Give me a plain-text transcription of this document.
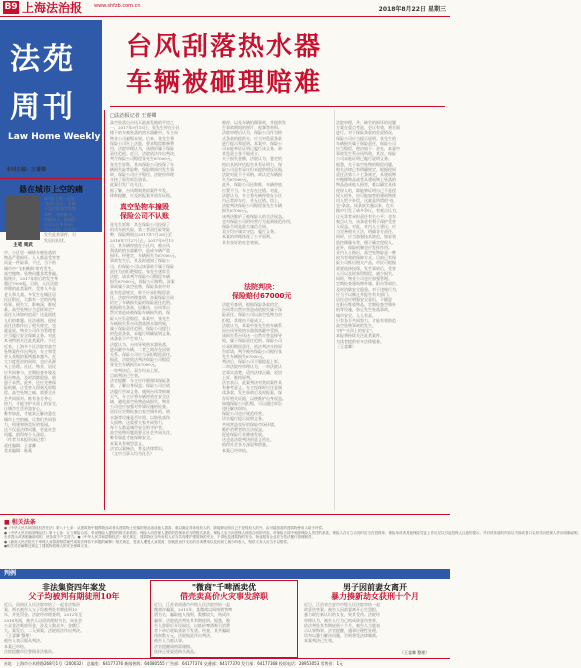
B9 上海法治报 www.shfzb.com.cn	2018年8月22日 星期三
法苑
周刊
Law Home Weekly
本刊主编：王睿卿
台风刮落热水器
车辆被砸理赔难
悬在城市上空的痛
主笔 周武
8月初上海，台风
"安比"过后，全城
多处出现高空坠物
事件，有的砸车，
有的伤人。据统计
8月12日本市90
多个小区、社区中
发生此类事件，引
发居民担忧。
中。小区里一辆轿车被坠落的
物品严重损坏。人人都是受害者
而是一件险事。不过，当下的
城市中"飞来横祸"常有发生。
高空抛物、坠物问题非常普遍。
据统计，2017年前后的发生率
超过7000起。目前，人民法院
审理的此类案件，受害人多是
老人和儿童。多发生在城区居
民区附近，大都有一定的伤残
结果。损失大，影响深，维权
难。高空坠物应当怎样界定？
责任人该如何追责？这是困扰
人们的难题。民法通则、侵权
责任法都作出了相关规定，也
就是说，物业公司作为管理者
应当履行安全保障义务。对此
本刊特别关注此类案件。不过
近来，上海多个区法院对高空
坠物案件作出判决，车主和受
害人获赔的案例越来越多。在
大力度惩治的同时，也应从源
头上治理。社区、物业、居民
应共同参与，定期检查外墙及
阳台物品，及时消除隐患，防
患于未然。此外，还应完善保
险机制，让受害人得到及时赔
偿。高空坠物之痛，需要全社
会共同面对。惟有各方齐心
协力，才能守护头顶上的安全，
让城市生活更加安心。
唯有如此，才能真正解决悬在
城市上空的痛，让我们共同努
力，构建和谐美好的家园。
这不仅是法律问题，更是社会
问题，值得每个人深思。
（作者为本报资深记者）
责任编辑：王睿卿
美术编辑：陈燕
□法治报记者 王睿卿
高空坠落自台风天最高发地的平房之
一，2017年9月15日，张先生停在小区
楼下的车被坠落的热水器砸中。车主向
物业公司索赔未果。后来，张先生将
保险公司告上法庭，要求赔偿维修费
用。法院审理认为，该情形属于保险
责任范围。近日，法院依法作出判决，
判令保险公司赔偿张先生67000元。
张先生诉称，其向保险公司投保了车
辆损失险等险种，保险期间内发生事
故，保险公司应予赔付。法院经审理
支持了原告诉讼请求。
此案引发广泛关注。
据了解，台风期间类似案件多发。
律师提醒，应及时报案并留存证据。
真空坠物车撞毁
保险公司不认账
张先生诉称：其在保险公司投保了
机动车损失险、第三者责任险等险
种，保险期间自2017年7月28日至
2018年7月27日止。2017年9月15
日，其车辆停放在小区内，被台风
刮落的热水器砸中，造成车辆严重
损坏。经鉴定，车辆损失为67000元。
事故发生后，其及时通知了保险公
司，但保险公司以该事故不属于保险
责任为由拒绝赔偿。张先生遂诉至
法院，请求判令保险公司赔偿车辆
损失67000元。保险公司辩称，涉案
事故属于高空坠物，保险条款中对
此有免责规定，故不应承担赔偿责
任。法院经审理查明，涉案保险合同
约定了车辆损失险的保险责任范围。
根据相关条款，因暴风、台风等自
然灾害造成被保险车辆损失的，保
险人应负责赔偿。本案中，张先生
车辆损失系台风刮落热水器所致，
属于保险责任范围。保险公司援引
的免责条款，未履行明确说明义务，
该条款不产生效力。
法院认为，台风导致热水器坠落，
进而砸中车辆，二者之间存在因果
关系。保险公司应当承担赔偿责任。
据此，法院依法判决保险公司赔偿
张先生车辆损失67000元。
一审判决后，双方均未上诉。
目前判决已生效。
法官提醒：车主应仔细阅读保险条
款，了解自身权益；保险公司应依
法履行告知义务。遇到台风等极端
天气，车主应将车辆停放在安全区
域，避免高空坠物造成损失。物业
公司也应加强对外墙设施的检查。
居民应定期检查自家空调外机、热
水器等设施是否牢固，以防坠落伤
人损物。这需要大家共同努力。
每个人都是城市安全的守护者。
高空坠物问题需要全社会共同关注。
唯有如此才能保障安全。
本案具有典型意义。
法官以案释法，普及法律常识。
（文中当事人均为化名）
被停，以及车辆拍摄事故，并提供发
生事故期间的照片、视频等材料。
法院审理后认为，保险公司作为格
式条款的提供方，应当对免责条款
进行提示和说明。本案中，保险公
司未能举证证明已履行该义务，故
其免责主张不能成立。
关于损失金额，法院认为，鉴定机
构出具的评估报告具有证明力，保
险公司虽有异议但未提供相反证据，
法院对此不予采纳。故认定车辆损
失为67000元。
此外，保险公司还辩称，车辆停放
位置不当，车主存在过错。对此，
法院认为，车主将车辆停放在小区
内正常停车位，并无过错。综上，
法院判决保险公司赔偿张先生车辆
损失67000元。
该判决维护了被保险人的合法权益。
也对保险公司的经营行为起到规范作用。
保险合同是最大诚信合同。
双方均应诚实守信，履行义务。
本案的审理体现了公平原则。
具有良好的社会效果。
法院判决：
保险赔付67000元
法院另查明，根据保险条款约定，
台风等自然灾害造成的损失属于保
险责任。保险公司以高空坠物为由
拒赔，其理由不能成立。
法院认为，本案中张先生的车辆系
因台风导致热水器刮落砸中受损，
该损失系台风这一自然灾害直接导
致，属于保险责任范围。保险公司
应承担赔偿责任，依法判决支持原
告诉请，判令被告保险公司赔付张
先生车辆损失67000元。
判决后，保险公司不服提起上诉。
二审法院经审理认为，一审法院认
定事实清楚，适用法律正确，驳回
上诉，维持原判。
法官表示，此案判决对类似案件具
有参考意义。车主投保时应注意阅
读条款，发生事故后及时报案，保
存好相关证据，以便维护自身权益。
如遇保险公司拒赔，可以通过诉讼
途径解决纠纷。
保险公司也应规范经营。
切实履行提示说明义务。
共同营造良好的保险市场环境。
维护消费者的合法权益。
促进保险行业健康发展。
这也是法院判决的意义所在。
值得社会各方深思和借鉴。
本案已经审结。
法院审理，并，缺失的损坏的问题
方案在重点考虑，会议有效，将方面
进行。对于保险条款的免责情况，
保险公司应当提示说明。张先生的
车辆损失属于保险责任，保险公司
应当赔偿，理由如下：首先，本案中
事故发生系台风所致。其次，保险
公司未能证明已履行说明义务。
据悉，关于高空坠物的赔偿问题，
相关法律已有明确规定。根据侵权
责任法第八十七条规定，从建筑物
中抛掷物品或者从建筑物上坠落的
物品造成他人损害，难以确定具体
侵权人的，除能够证明自己不是侵
权人的外，由可能加害的建筑物使
用人给予补偿。这就是所谓的"连
坐"条款。该条款实施以来，在实
践中引发了诸多争议。有观点认为，
让无辜者承担责任有失公平；也有
观点认为，该条款有利于保护受害
人权益。对此，业内人士建议，应
当完善相关立法，明确各方责任。
同时，应当加强技术防范，如安装
监控摄像头等，便于确定侵权人。
此外，保险机制也应发挥作用。
业内人士指出，高空坠物险是一种
较为有效的保障方式。目前已有保
险公司推出相关产品，市民可根据
需要选择投保。发生事故后，受害
人可以及时获得赔偿，减少损失。
同时，物业公司也应加强管理。
定期检查建筑物外墙、阳台等部位，
及时消除安全隐患。对于违规行为，
应当予以制止并报告有关部门。
居民也应增强安全意识，不随意
在阳台堆放物品，定期检查空调外
机等设施，防止发生坠落事故。
城市安全，人人有责。
只有各方共同努力，才能有效防范
高空坠物事故的发生。
守护"头顶上的安全"。
本报将持续关注此类案件。
为读者提供更多法律服务。
（王睿卿）
■ 相关法条
●《中华人民共和国侵权责任法》第八十七条：从建筑物中抛掷物品或者从建筑物上坠落的物品造成他人损害，难以确定具体侵权人的，除能够证明自己不是侵权人的外，由可能加害的建筑物使用人给予补偿。
●《中华人民共和国保险法》第十七条：订立保险合同，采用保险人提供的格式条款的，保险人向投保人提供的投保单应当附格式条款，保险人应当向投保人说明合同的内容。对保险合同中免除保险人责任的条款，保险人在订立合同时应当在投保单、保险单或者其他保险凭证上作出足以引起投保人注意的提示，并对该条款的内容以书面或者口头形式向投保人作出明确说明；
未作提示或者明确说明的，该条款不产生效力。●《中华人民共和国物权法》相关规定：建筑物区分所有权人应当共同维护建筑物的安全，不得危及建筑物的安全。物业服务企业应当依法履行管理职责。
●《最高人民法院关于审理人身损害赔偿案件适用法律若干问题的解释》相关规定，受害人遭受人身损害，因就医治疗支出的各项费用以及因误工减少的收入，赔偿义务人应当予以赔偿。
●相关司法解释还规定了建筑物管理人的安全保障义务。
判例
非法集资四年案发
父子均被判有期徒刑10年
近日，闵南区人民法院审结了一起非法集资
案，两名被告人父子均被判处有期徒刑10
年，并处罚金。法院经审理查明，2012年至
2016年间，被告人以投资理财为名，向社会
公众非法吸收资金，涉及人数众多，金额巨
大。案发后，二人到案。法院依法作出判决。
（王睿卿 整理）
被告人表示服从判决。
本案已审结。
法院提醒市民警惕非法集资。
"微商"千啤酒卖优
借壳卖高价火灾事发辞职
近日，江苏省南通市中级人民法院审结一起
微商诈骗案。2015年，某微商以网络销售啤
酒为名，骗取他人钱财，数额较大，构成诈
骗罪。法院依法判处其有期徒刑。据悉，被
告人辞职后开设网店，以低价啤酒吸引消费
者下单后收取货款不发货。经查，其共骗取
钱财数万元。法院据此作出判决。
被告人当庭认罪。
法官提醒网购需谨慎。
选择正规渠道购买商品。
男子因前妻女离开
暴力揍新劫女获刑十个月
近日，江西省吉安市中级人民法院审结一起
故意伤害案。被告人因前妻离开心生怨恨，
暴力殴打新认识的女友，致其受伤。法院经
审理认为，被告人行为已构成故意伤害罪，
依法判处其有期徒刑十个月。被告人当庭表
示认罪悔罪。法官提醒，遇事应理性处理，
切勿以暴力解决问题，否则将受法律制裁。
本案判决已生效。
（王睿卿 整理）
社址：上海市小木桥路268号1号（200032） 总编室：64177376 新闻热线：64080555 广告部：64177374 交通部：64177370 发行部：64177368 投诉电话：28953053 零售价：1元
